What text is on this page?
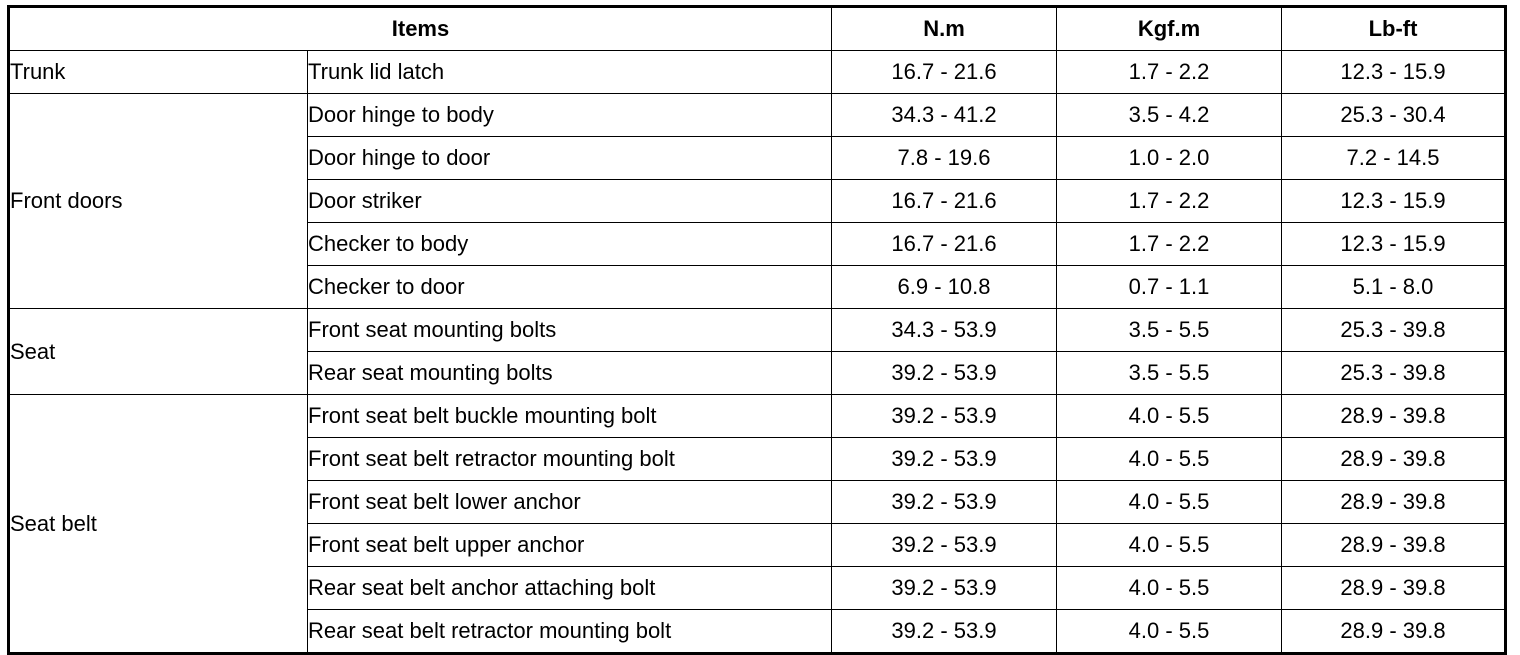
Items		N.m	Kgf.m	Lb-ft
Trunk	Trunk lid latch	16.7 - 21.6	1.7 - 2.2	12.3 - 15.9
Front doors	Door hinge to body	34.3 - 41.2	3.5 - 4.2	25.3 - 30.4
	Door hinge to door	7.8 - 19.6	1.0 - 2.0	7.2 - 14.5
	Door striker	16.7 - 21.6	1.7 - 2.2	12.3 - 15.9
	Checker to body	16.7 - 21.6	1.7 - 2.2	12.3 - 15.9
	Checker to door	6.9 - 10.8	0.7 - 1.1	5.1 - 8.0
Seat	Front seat mounting bolts	34.3 - 53.9	3.5 - 5.5	25.3 - 39.8
	Rear seat mounting bolts	39.2 - 53.9	3.5 - 5.5	25.3 - 39.8
Seat belt	Front seat belt buckle mounting bolt	39.2 - 53.9	4.0 - 5.5	28.9 - 39.8
	Front seat belt retractor mounting bolt	39.2 - 53.9	4.0 - 5.5	28.9 - 39.8
	Front seat belt lower anchor	39.2 - 53.9	4.0 - 5.5	28.9 - 39.8
	Front seat belt upper anchor	39.2 - 53.9	4.0 - 5.5	28.9 - 39.8
	Rear seat belt anchor attaching bolt	39.2 - 53.9	4.0 - 5.5	28.9 - 39.8
	Rear seat belt retractor mounting bolt	39.2 - 53.9	4.0 - 5.5	28.9 - 39.8
